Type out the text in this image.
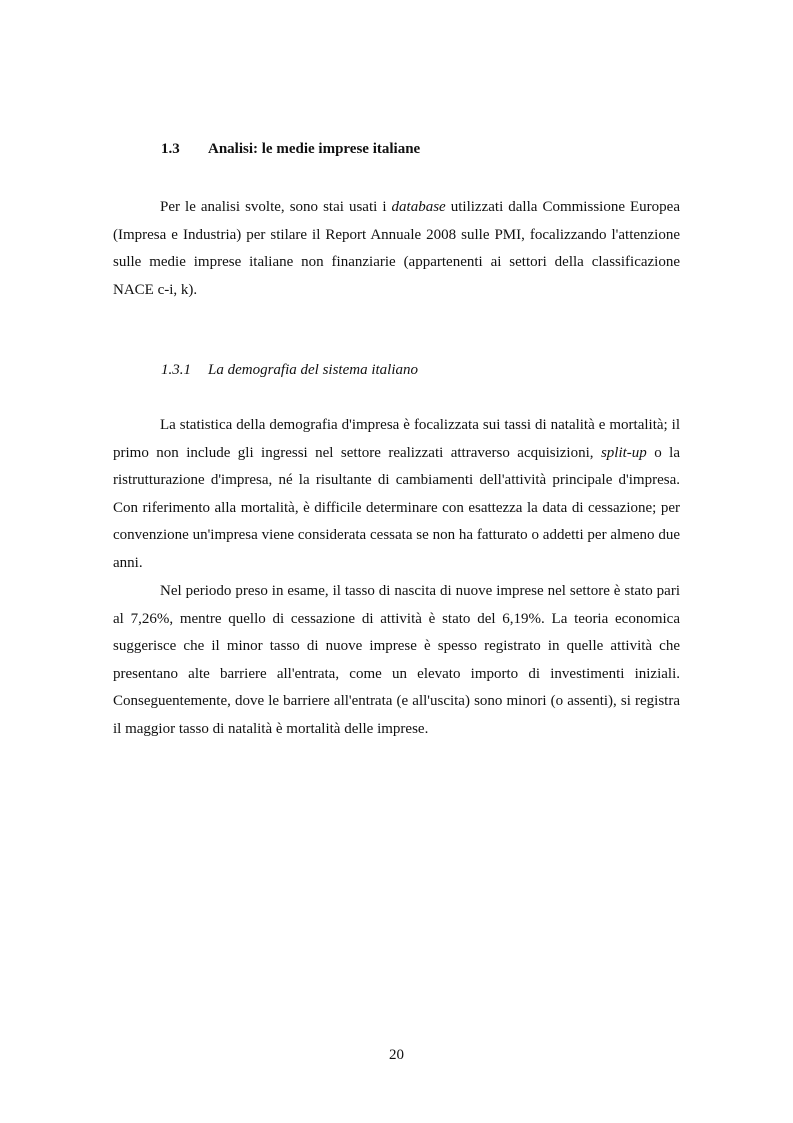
1.3 Analisi: le medie imprese italiane

Per le analisi svolte, sono stai usati i database utilizzati dalla Commissione Europea (Impresa e Industria) per stilare il Report Annuale 2008 sulle PMI, focalizzando l'attenzione sulle medie imprese italiane non finanziarie (appartenenti ai settori della classificazione NACE c-i, k).

1.3.1 La demografia del sistema italiano

La statistica della demografia d'impresa è focalizzata sui tassi di natalità e mortalità; il primo non include gli ingressi nel settore realizzati attraverso acquisizioni, split-up o la ristrutturazione d'impresa, né la risultante di cambiamenti dell'attività principale d'impresa. Con riferimento alla mortalità, è difficile determinare con esattezza la data di cessazione; per convenzione un'impresa viene considerata cessata se non ha fatturato o addetti per almeno due anni.

Nel periodo preso in esame, il tasso di nascita di nuove imprese nel settore è stato pari al 7,26%, mentre quello di cessazione di attività è stato del 6,19%. La teoria economica suggerisce che il minor tasso di nuove imprese è spesso registrato in quelle attività che presentano alte barriere all'entrata, come un elevato importo di investimenti iniziali. Conseguentemente, dove le barriere all'entrata (e all'uscita) sono minori (o assenti), si registra il maggior tasso di natalità è mortalità delle imprese.

20
